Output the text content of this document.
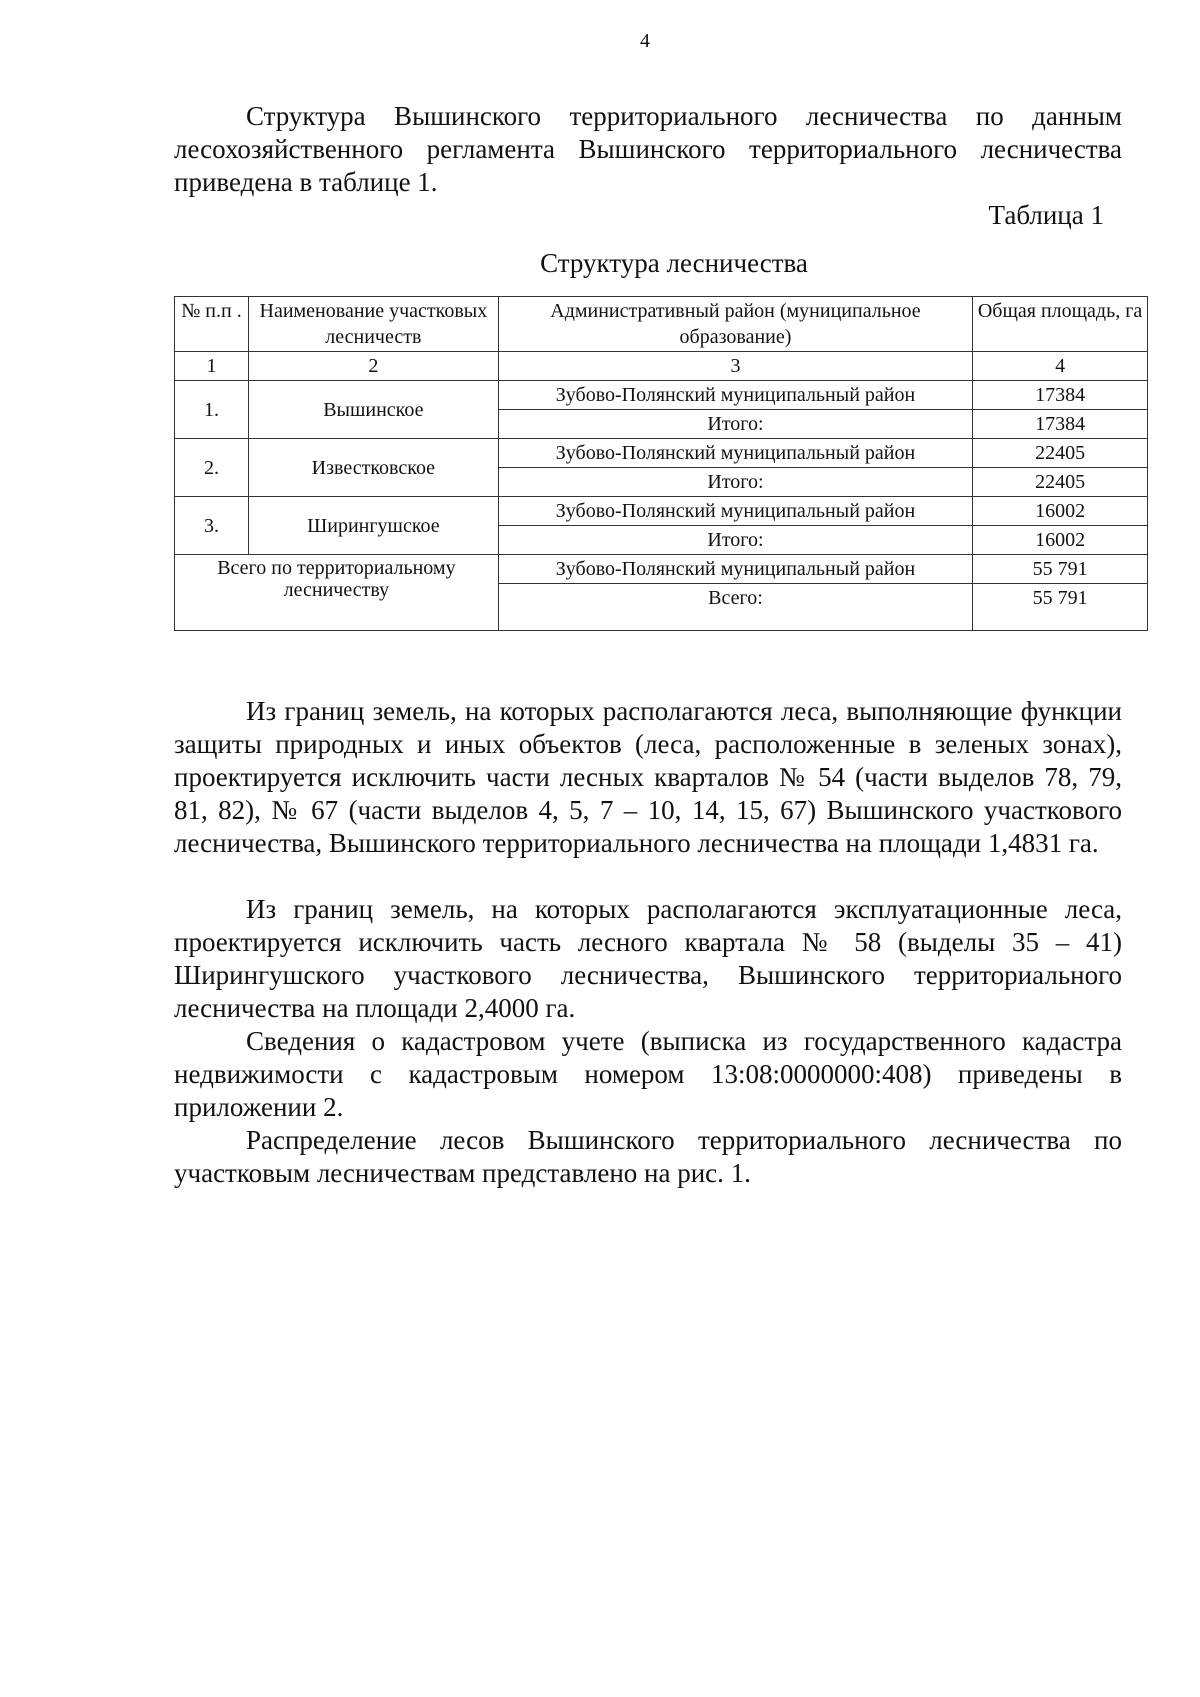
4

Структура Вышинского территориального лесничества по данным лесохозяйственного регламента Вышинского территориального лесничества приведена в таблице 1.

Таблица 1
Структура лесничества
№ п.п .	Наименование участковых лесничеств	Административный район (муниципальное образование)	Общая площадь, га
1	2	3	4
1.	Вышинское	Зубово-Полянский муниципальный район	17384
		Итого:	17384
2.	Известковское	Зубово-Полянский муниципальный район	22405
		Итого:	22405
3.	Ширингушское	Зубово-Полянский муниципальный район	16002
		Итого:	16002
Всего по территориальному лесничеству		Зубово-Полянский муниципальный район	55 791
		Всего:	55 791

Из границ земель, на которых располагаются леса, выполняющие функции защиты природных и иных объектов (леса, расположенные в зеленых зонах), проектируется исключить части лесных кварталов № 54 (части выделов 78, 79, 81, 82), № 67 (части выделов 4, 5, 7 – 10, 14, 15, 67) Вышинского участкового лесничества, Вышинского территориального лесничества на площади 1,4831 га.

Из границ земель, на которых располагаются эксплуатационные леса, проектируется исключить часть лесного квартала № 58 (выделы 35 – 41) Ширингушского участкового лесничества, Вышинского территориального лесничества на площади 2,4000 га.

Сведения о кадастровом учете (выписка из государственного кадастра недвижимости с кадастровым номером 13:08:0000000:408) приведены в приложении 2.

Распределение лесов Вышинского территориального лесничества по участковым лесничествам представлено на рис. 1.
